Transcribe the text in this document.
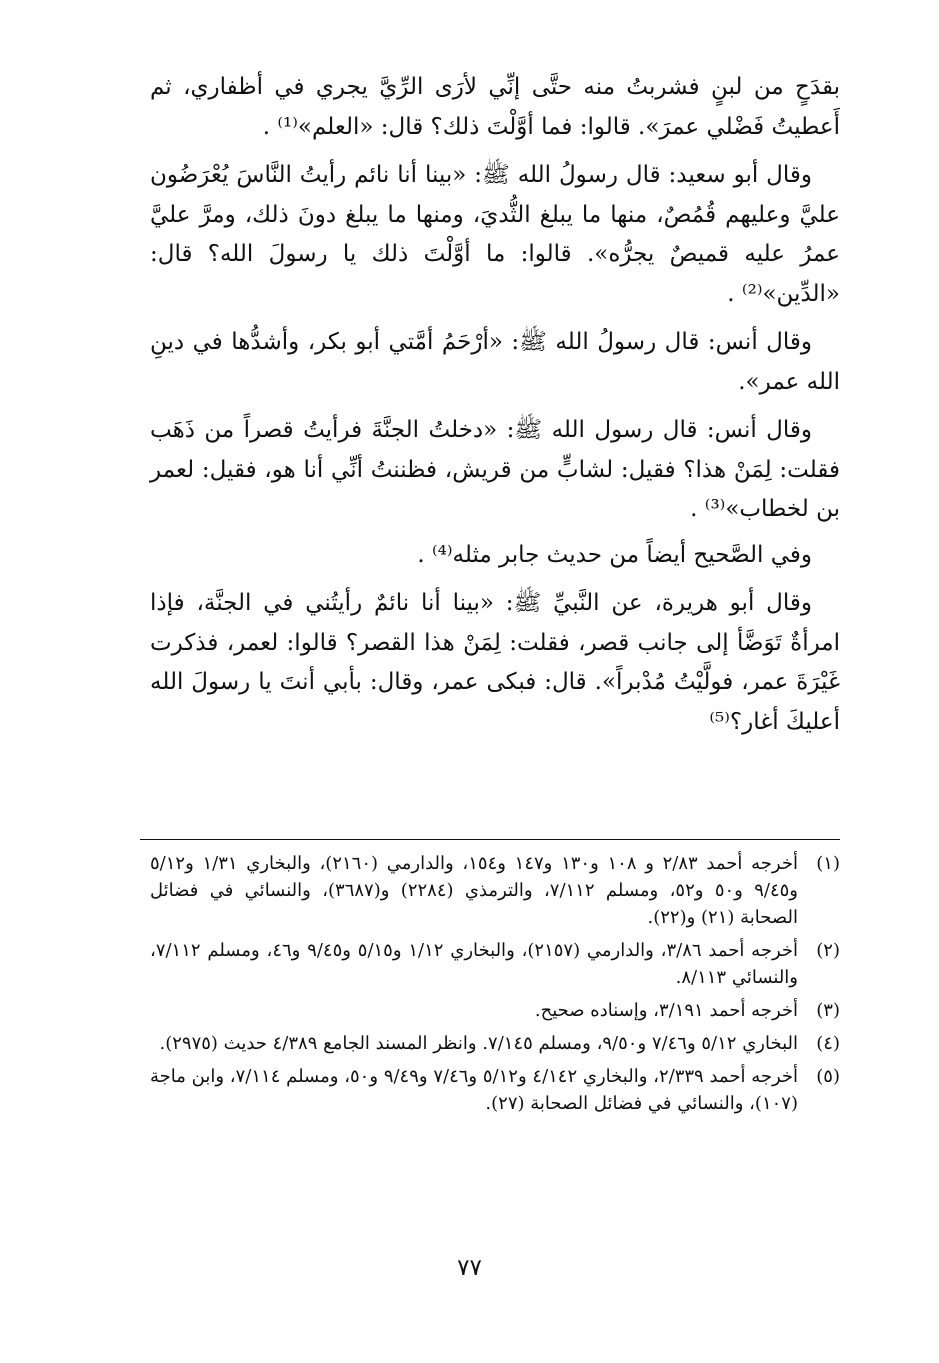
بقدَحٍ من لبنٍ فشربتُ منه حتَّى إنِّي لأرَى الرِّيَّ يجري في أظفاري، ثم أَعطيتُ فَضْلي عمرَ». قالوا: فما أوَّلْتَ ذلك؟ قال: «العلم»⁽¹⁾ .

وقال أبو سعيد: قال رسولُ الله ﷺ: «بينا أنا نائم رأيتُ النَّاسَ يُعْرَضُون عليَّ وعليهم قُمُصٌ، منها ما يبلغ الثُّديَ، ومنها ما يبلغ دونَ ذلك، ومرَّ عليَّ عمرُ عليه قميصٌ يجرُّه». قالوا: ما أوَّلْتَ ذلك يا رسولَ الله؟ قال: «الدِّين»⁽²⁾ .

وقال أنس: قال رسولُ الله ﷺ: «أرْحَمُ أمَّتي أبو بكر، وأشدُّها في دينِ الله عمر».

وقال أنس: قال رسول الله ﷺ: «دخلتُ الجنَّةَ فرأيتُ قصراً من ذَهَب فقلت: لِمَنْ هذا؟ فقيل: لشابٍّ من قريش، فظننتُ أنِّي أنا هو، فقيل: لعمر بن لخطاب»⁽³⁾ .

وفي الصَّحيح أيضاً من حديث جابر مثله⁽⁴⁾ .

وقال أبو هريرة، عن النَّبيِّ ﷺ: «بينا أنا نائمٌ رأيتُني في الجنَّة، فإذا امرأةٌ تَوَضَّأ إلى جانب قصر، فقلت: لِمَنْ هذا القصر؟ قالوا: لعمر، فذكرت غَيْرَةَ عمر، فولَّيْتُ مُدْبراً». قال: فبكى عمر، وقال: بأبي أنتَ يا رسولَ الله أعليكَ أغار؟⁽⁵⁾

(١)
أخرجه أحمد ٢/٨٣ و ١٠٨ و١٣٠ و١٤٧ و١٥٤، والدارمي (٢١٦٠)، والبخاري ١/٣١ و٥/١٢ و٩/٤٥ و٥٠ و٥٢، ومسلم ٧/١١٢، والترمذي (٢٢٨٤) و(٣٦٨٧)، والنسائي في فضائل الصحابة (٢١) و(٢٢).
(٢)
أخرجه أحمد ٣/٨٦، والدارمي (٢١٥٧)، والبخاري ١/١٢ و٥/١٥ و٩/٤٥ و٤٦، ومسلم ٧/١١٢، والنسائي ٨/١١٣.
(٣)
أخرجه أحمد ٣/١٩١، وإسناده صحيح.
(٤)
البخاري ٥/١٢ و٧/٤٦ و٩/٥٠، ومسلم ٧/١٤٥. وانظر المسند الجامع ٤/٣٨٩ حديث (٢٩٧٥).
(٥)
أخرجه أحمد ٢/٣٣٩، والبخاري ٤/١٤٢ و٥/١٢ و٧/٤٦ و٩/٤٩ و٥٠، ومسلم ٧/١١٤، وابن ماجة (١٠٧)، والنسائي في فضائل الصحابة (٢٧).
٧٧
